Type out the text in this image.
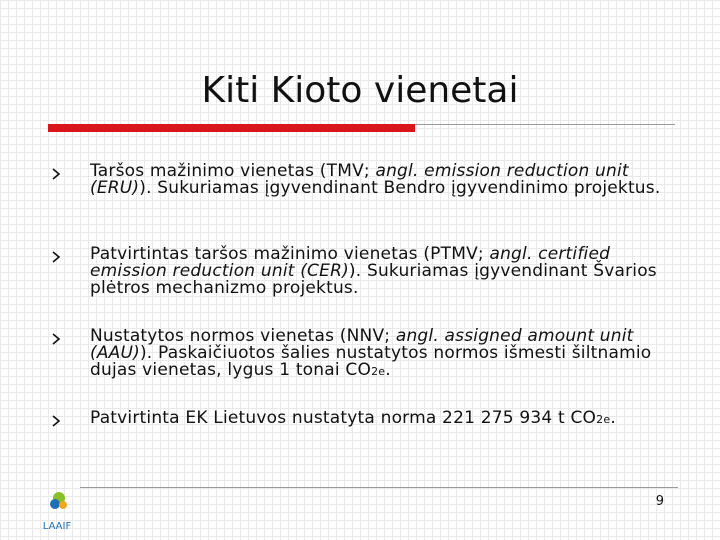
Kiti Kioto vienetai
Taršos mažinimo vienetas (TMV; angl. emission reduction unit (ERU)). Sukuriamas įgyvendinant Bendro įgyvendinimo projektus.
Patvirtintas taršos mažinimo vienetas (PTMV; angl. certified emission reduction unit (CER)). Sukuriamas įgyvendinant Švarios plėtros mechanizmo projektus.
Nustatytos normos vienetas (NNV; angl. assigned amount unit (AAU)). Paskaičiuotos šalies nustatytos normos išmesti šiltnamio dujas vienetas, lygus 1 tonai CO2e.
Patvirtinta EK Lietuvos nustatyta norma 221 275 934 t CO2e.
9
LAAIF
